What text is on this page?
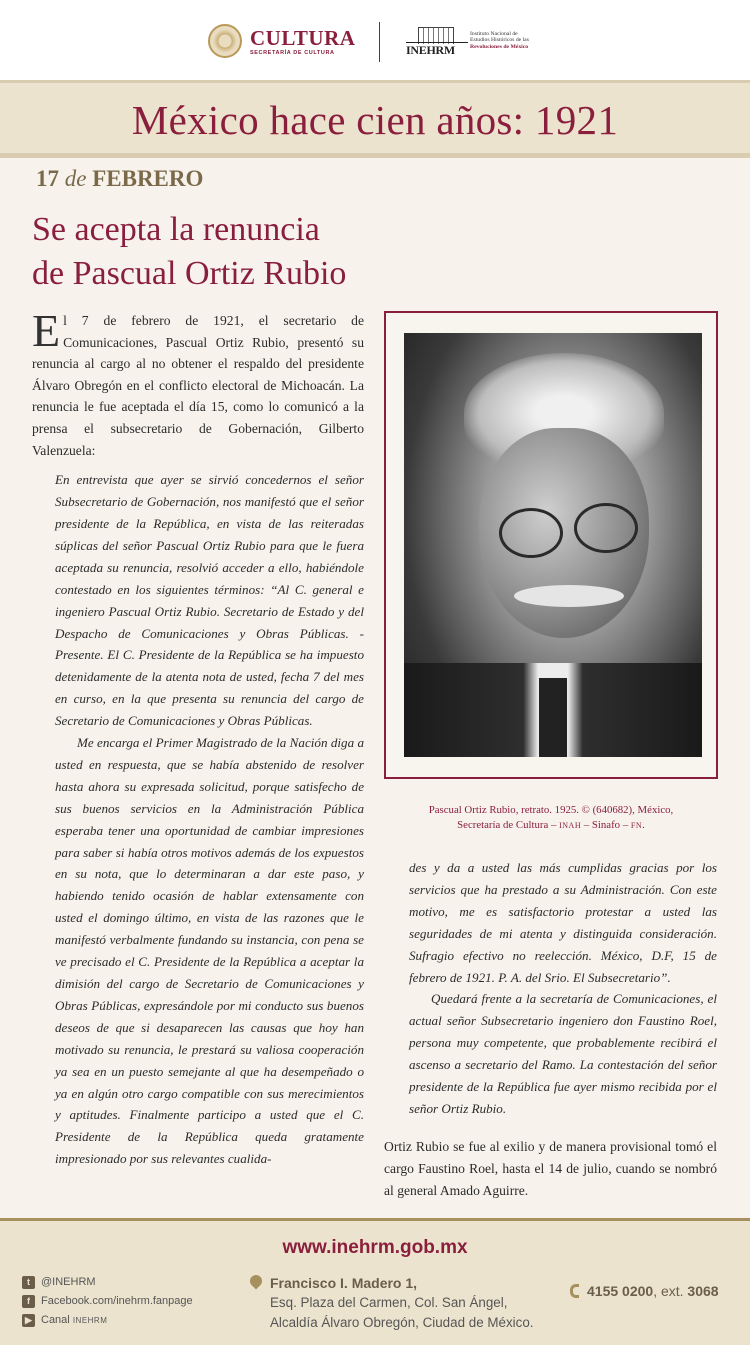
CULTURA
SECRETARÍA DE CULTURA	INEHRM
Instituto Nacional de
Estudios Históricos de las
Revoluciones de México
México hace cien años: 1921
17 de FEBRERO
Se acepta la renuncia
de Pascual Ortiz Rubio

El 7 de febrero de 1921, el secretario de Comunicaciones, Pascual Ortiz Rubio, presentó su renuncia al cargo al no obtener el respaldo del presidente Álvaro Obregón en el conflicto electoral de Michoacán. La renuncia le fue aceptada el día 15, como lo comunicó a la prensa el subsecretario de Gobernación, Gilberto Valenzuela:

En entrevista que ayer se sirvió concedernos el señor Subsecretario de Gobernación, nos manifestó que el señor presidente de la República, en vista de las reiteradas súplicas del señor Pascual Ortiz Rubio para que le fuera aceptada su renuncia, resolvió acceder a ello, habiéndole contestado en los siguientes términos: “Al C. general e ingeniero Pascual Ortiz Rubio. Secretario de Estado y del Despacho de Comunicaciones y Obras Públicas. -Presente. El C. Presidente de la República se ha impuesto detenidamente de la atenta nota de usted, fecha 7 del mes en curso, en la que presenta su renuncia del cargo de Secretario de Comunicaciones y Obras Públicas.

Me encarga el Primer Magistrado de la Nación diga a usted en respuesta, que se había abstenido de resolver hasta ahora su expresada solicitud, porque satisfecho de sus buenos servicios en la Administración Pública esperaba tener una oportunidad de cambiar impresiones para saber si había otros motivos además de los expuestos en su nota, que lo determinaran a dar este paso, y habiendo tenido ocasión de hablar extensamente con usted el domingo último, en vista de las razones que le manifestó verbalmente fundando su instancia, con pena se ve precisado el C. Presidente de la República a aceptar la dimisión del cargo de Secretario de Comunicaciones y Obras Públicas, expresándole por mi conducto sus buenos deseos de que si desaparecen las causas que hoy han motivado su renuncia, le prestará su valiosa cooperación ya sea en un puesto semejante al que ha desempeñado o ya en algún otro cargo compatible con sus merecimientos y aptitudes. Finalmente participo a usted que el C. Presidente de la República queda gratamente impresionado por sus relevantes cualida-

Pascual Ortiz Rubio, retrato. 1925. © (640682), México,
Secretaría de Cultura – INAH – Sinafo – FN.

des y da a usted las más cumplidas gracias por los servicios que ha prestado a su Administración. Con este motivo, me es satisfactorio protestar a usted las seguridades de mi atenta y distinguida consideración. Sufragio efectivo no reelección. México, D.F, 15 de febrero de 1921. P. A. del Srio. El Subsecretario”.

Quedará frente a la secretaría de Comunicaciones, el actual señor Subsecretario ingeniero don Faustino Roel, persona muy competente, que probablemente recibirá el ascenso a secretario del Ramo. La contestación del señor presidente de la República fue ayer mismo recibida por el señor Ortiz Rubio.

Ortiz Rubio se fue al exilio y de manera provisional tomó el cargo Faustino Roel, hasta el 14 de julio, cuando se nombró al general Amado Aguirre.

www.inehrm.gob.mx
t	@INEHRM
f	Facebook.com/inehrm.fanpage
▶ Canal
INEHRM
Francisco I. Madero 1,
Esq. Plaza del Carmen, Col. San Ángel,
Alcaldía Álvaro Obregón, Ciudad de México.
4155 0200, ext. 3068
